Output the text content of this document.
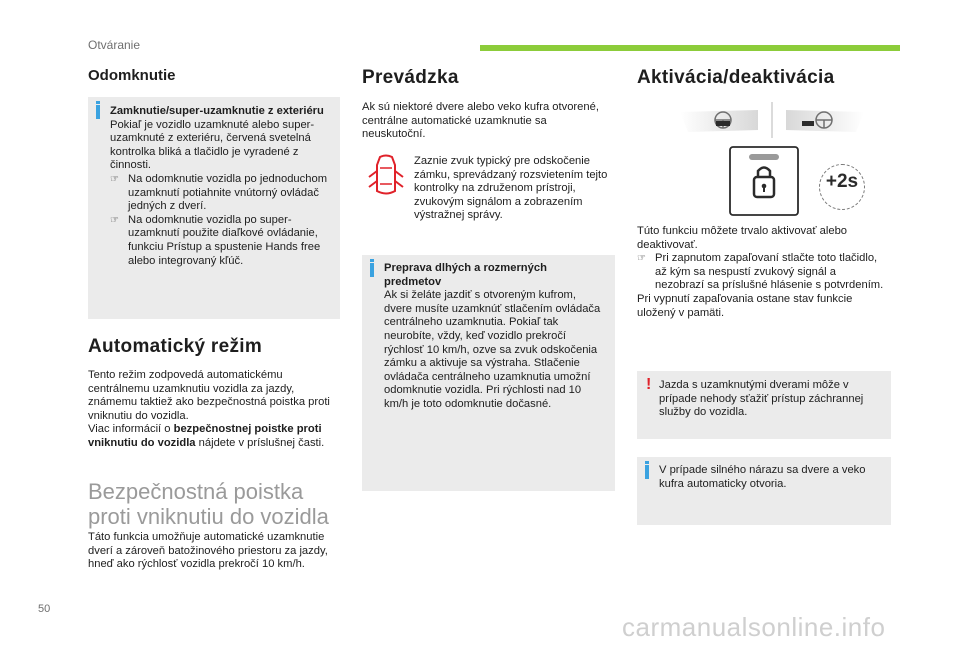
Otváranie
Odomknutie
Zamknutie/super-uzamknutie z exteriéru
Pokiaľ je vozidlo uzamknuté alebo super-uzamknuté z exteriéru, červená svetelná kontrolka bliká a tlačidlo je vyradené z činnosti.
☞ Na odomknutie vozidla po jednoduchom uzamknutí potiahnite vnútorný ovládač jedných z dverí.
☞ Na odomknutie vozidla po super-uzamknutí použite diaľkové ovládanie, funkciu Prístup a spustenie Hands free alebo integrovaný kľúč.
Automatický režim
Tento režim zodpovedá automatickému centrálnemu uzamknutiu vozidla za jazdy, známemu taktiež ako bezpečnostná poistka proti vniknutiu do vozidla.
Viac informácií o bezpečnostnej poistke proti vniknutiu do vozidla nájdete v príslušnej časti.
Bezpečnostná poistka
proti vniknutiu do vozidla
Táto funkcia umožňuje automatické uzamknutie dverí a zároveň batožinového priestoru za jazdy, hneď ako rýchlosť vozidla prekročí 10 km/h.
Prevádzka
Ak sú niektoré dvere alebo veko kufra otvorené, centrálne automatické uzamknutie sa neuskutoční.
Zaznie zvuk typický pre odskočenie zámku, sprevádzaný rozsvietením tejto kontrolky na združenom prístroji, zvukovým signálom a zobrazením výstražnej správy.
Preprava dlhých a rozmerných predmetov
Ak si želáte jazdiť s otvoreným kufrom, dvere musíte uzamknúť stlačením ovládača centrálneho uzamknutia. Pokiaľ tak neurobíte, vždy, keď vozidlo prekročí rýchlosť 10 km/h, ozve sa zvuk odskočenia zámku a aktivuje sa výstraha. Stlačenie ovládača centrálneho uzamknutia umožní odomknutie vozidla. Pri rýchlosti nad 10 km/h je toto odomknutie dočasné.
Aktivácia/deaktivácia
+2s
Túto funkciu môžete trvalo aktivovať alebo deaktivovať.
☞ Pri zapnutom zapaľovaní stlačte toto tlačidlo, až kým sa nespustí zvukový signál a nezobrazí sa príslušné hlásenie s potvrdením.
Pri vypnutí zapaľovania ostane stav funkcie uložený v pamäti.
! Jazda s uzamknutými dverami môže v prípade nehody sťažiť prístup záchrannej služby do vozidla.
V prípade silného nárazu sa dvere a veko kufra automaticky otvoria.
50
carmanualsonline.info
